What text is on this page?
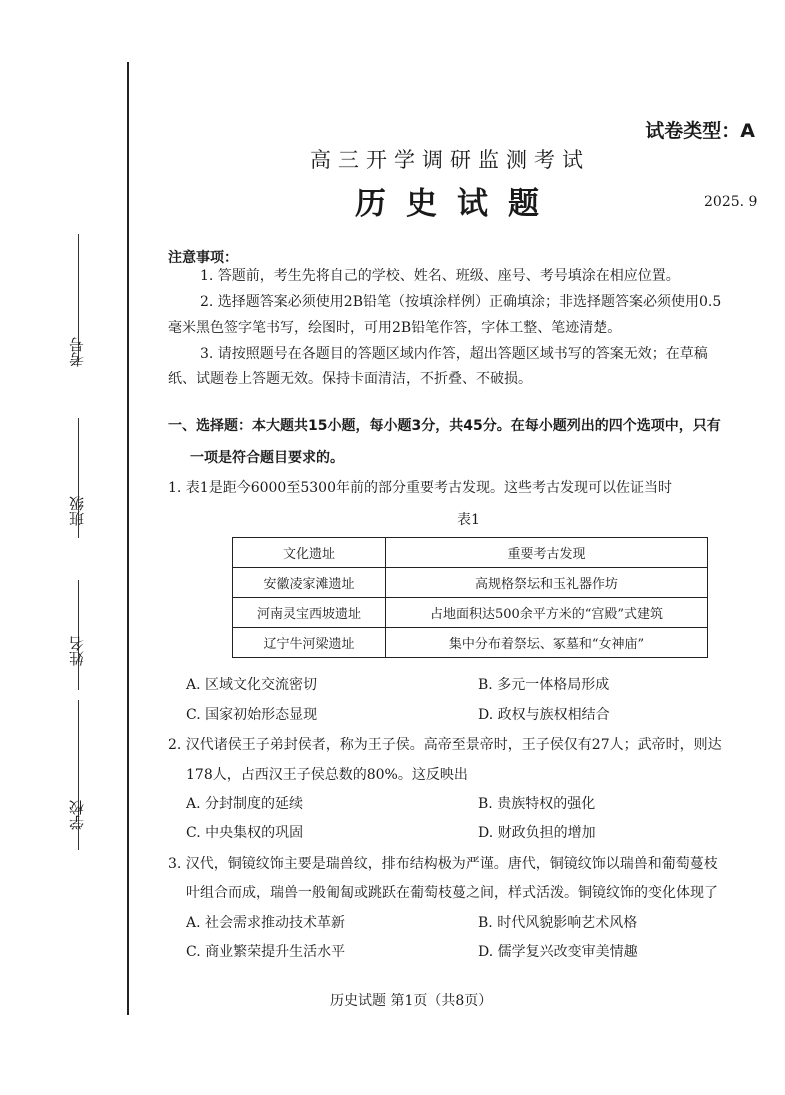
考号
班级
姓名
学校
试卷类型：A
高三开学调研监测考试
历史试题	2025. 9
注意事项：
1. 答题前，考生先将自己的学校、姓名、班级、座号、考号填涂在相应位置。
2. 选择题答案必须使用2B铅笔（按填涂样例）正确填涂；非选择题答案必须使用0.5
毫米黑色签字笔书写，绘图时，可用2B铅笔作答，字体工整、笔迹清楚。
3. 请按照题号在各题目的答题区域内作答，超出答题区域书写的答案无效；在草稿
纸、试题卷上答题无效。保持卡面清洁，不折叠、不破损。
一、选择题：本大题共15小题，每小题3分，共45分。在每小题列出的四个选项中，只有
一项是符合题目要求的。
1. 表1是距今6000至5300年前的部分重要考古发现。这些考古发现可以佐证当时
表1
文化遗址	重要考古发现
安徽凌家滩遗址	高规格祭坛和玉礼器作坊
河南灵宝西坡遗址	占地面积达500余平方米的“宫殿”式建筑
辽宁牛河梁遗址	集中分布着祭坛、冢墓和“女神庙”
A. 区域文化交流密切	B. 多元一体格局形成
C. 国家初始形态显现	D. 政权与族权相结合
2. 汉代诸侯王子弟封侯者，称为王子侯。高帝至景帝时，王子侯仅有27人；武帝时，则达
178人，占西汉王子侯总数的80%。这反映出
A. 分封制度的延续	B. 贵族特权的强化
C. 中央集权的巩固	D. 财政负担的增加
3. 汉代，铜镜纹饰主要是瑞兽纹，排布结构极为严谨。唐代，铜镜纹饰以瑞兽和葡萄蔓枝
叶组合而成，瑞兽一般匍匐或跳跃在葡萄枝蔓之间，样式活泼。铜镜纹饰的变化体现了
A. 社会需求推动技术革新	B. 时代风貌影响艺术风格
C. 商业繁荣提升生活水平	D. 儒学复兴改变审美情趣
历史试题 第1页（共8页）
